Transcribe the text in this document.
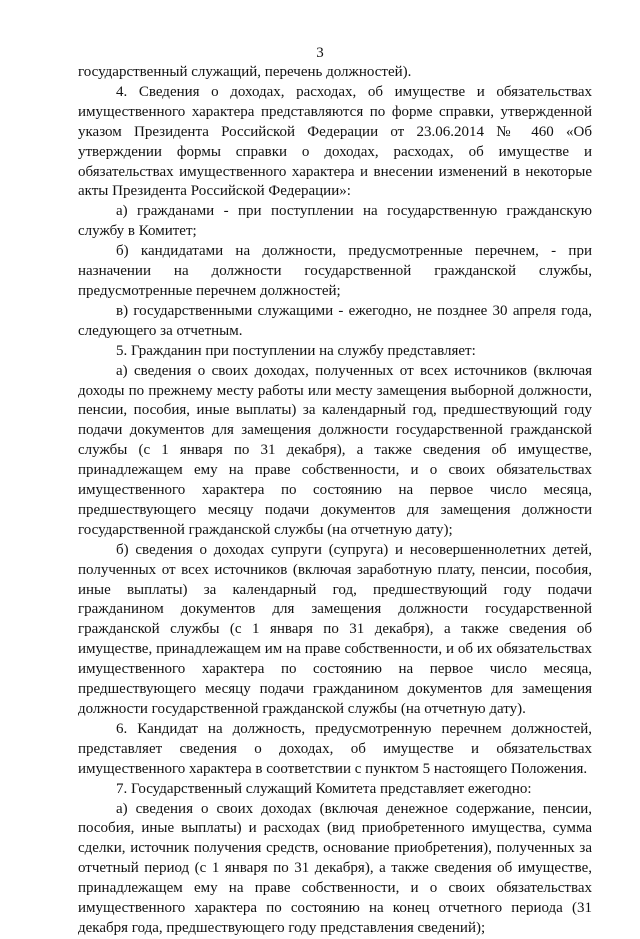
3

государственный служащий, перечень должностей).

4. Сведения о доходах, расходах, об имуществе и обязательствах имущественного характера представляются по форме справки, утвержденной указом Президента Российской Федерации от 23.06.2014 № 460 «Об утверждении формы справки о доходах, расходах, об имуществе и обязательствах имущественного характера и внесении изменений в некоторые акты Президента Российской Федерации»:

а) гражданами - при поступлении на государственную гражданскую службу в Комитет;

б) кандидатами на должности, предусмотренные перечнем, - при назначении на должности государственной гражданской службы, предусмотренные перечнем должностей;

в) государственными служащими - ежегодно, не позднее 30 апреля года, следующего за отчетным.

5. Гражданин при поступлении на службу представляет:

а) сведения о своих доходах, полученных от всех источников (включая доходы по прежнему месту работы или месту замещения выборной должности, пенсии, пособия, иные выплаты) за календарный год, предшествующий году подачи документов для замещения должности государственной гражданской службы (с 1 января по 31 декабря), а также сведения об имуществе, принадлежащем ему на праве собственности, и о своих обязательствах имущественного характера по состоянию на первое число месяца, предшествующего месяцу подачи документов для замещения должности государственной гражданской службы (на отчетную дату);

б) сведения о доходах супруги (супруга) и несовершеннолетних детей, полученных от всех источников (включая заработную плату, пенсии, пособия, иные выплаты) за календарный год, предшествующий году подачи гражданином документов для замещения должности государственной гражданской службы (с 1 января по 31 декабря), а также сведения об имуществе, принадлежащем им на праве собственности, и об их обязательствах имущественного характера по состоянию на первое число месяца, предшествующего месяцу подачи гражданином документов для замещения должности государственной гражданской службы (на отчетную дату).

6. Кандидат на должность, предусмотренную перечнем должностей, представляет сведения о доходах, об имуществе и обязательствах имущественного характера в соответствии с пунктом 5 настоящего Положения.

7. Государственный служащий Комитета представляет ежегодно:

а) сведения о своих доходах (включая денежное содержание, пенсии, пособия, иные выплаты) и расходах (вид приобретенного имущества, сумма сделки, источник получения средств, основание приобретения), полученных за отчетный период (с 1 января по 31 декабря), а также сведения об имуществе, принадлежащем ему на праве собственности, и о своих обязательствах имущественного характера по состоянию на конец отчетного периода (31 декабря года, предшествующего году представления сведений);
